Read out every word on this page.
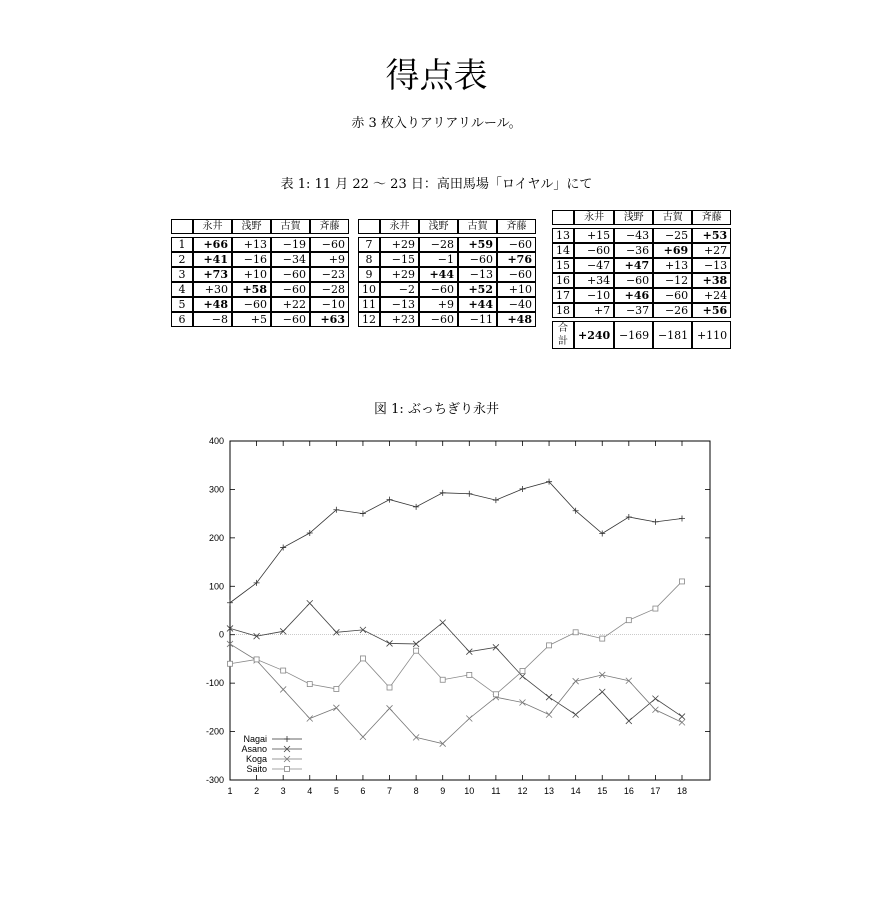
得点表
赤 3 枚入りアリアリルール。
表 1: 11 月 22 〜 23 日：高田馬場「ロイヤル」にて
	永井	浅野	古賀	斉藤

1	+66	+13	−19	−60
2	+41	−16	−34	+9
3	+73	+10	−60	−23
4	+30	+58	−60	−28
5	+48	−60	+22	−10
6	−8	+5	−60	+63
	永井	浅野	古賀	斉藤

7	+29	−28	+59	−60
8	−15	−1	−60	+76
9	+29	+44	−13	−60
10	−2	−60	+52	+10
11	−13	+9	+44	−40
12	+23	−60	−11	+48
	永井	浅野	古賀	斉藤

13	+15	−43	−25	+53
14	−60	−36	+69	+27
15	−47	+47	+13	−13
16	+34	−60	−12	+38
17	−10	+46	−60	+24
18	+7	−37	−26	+56

合計	+240	−169	−181	+110
図 1: ぶっちぎり永井
400
300
200
100
0
-100
-200
-300
1 2 3 4 5 6 7 8 9 10 11 12 13 14 15 16 17 18
Nagai
Asano
Koga
Saito
